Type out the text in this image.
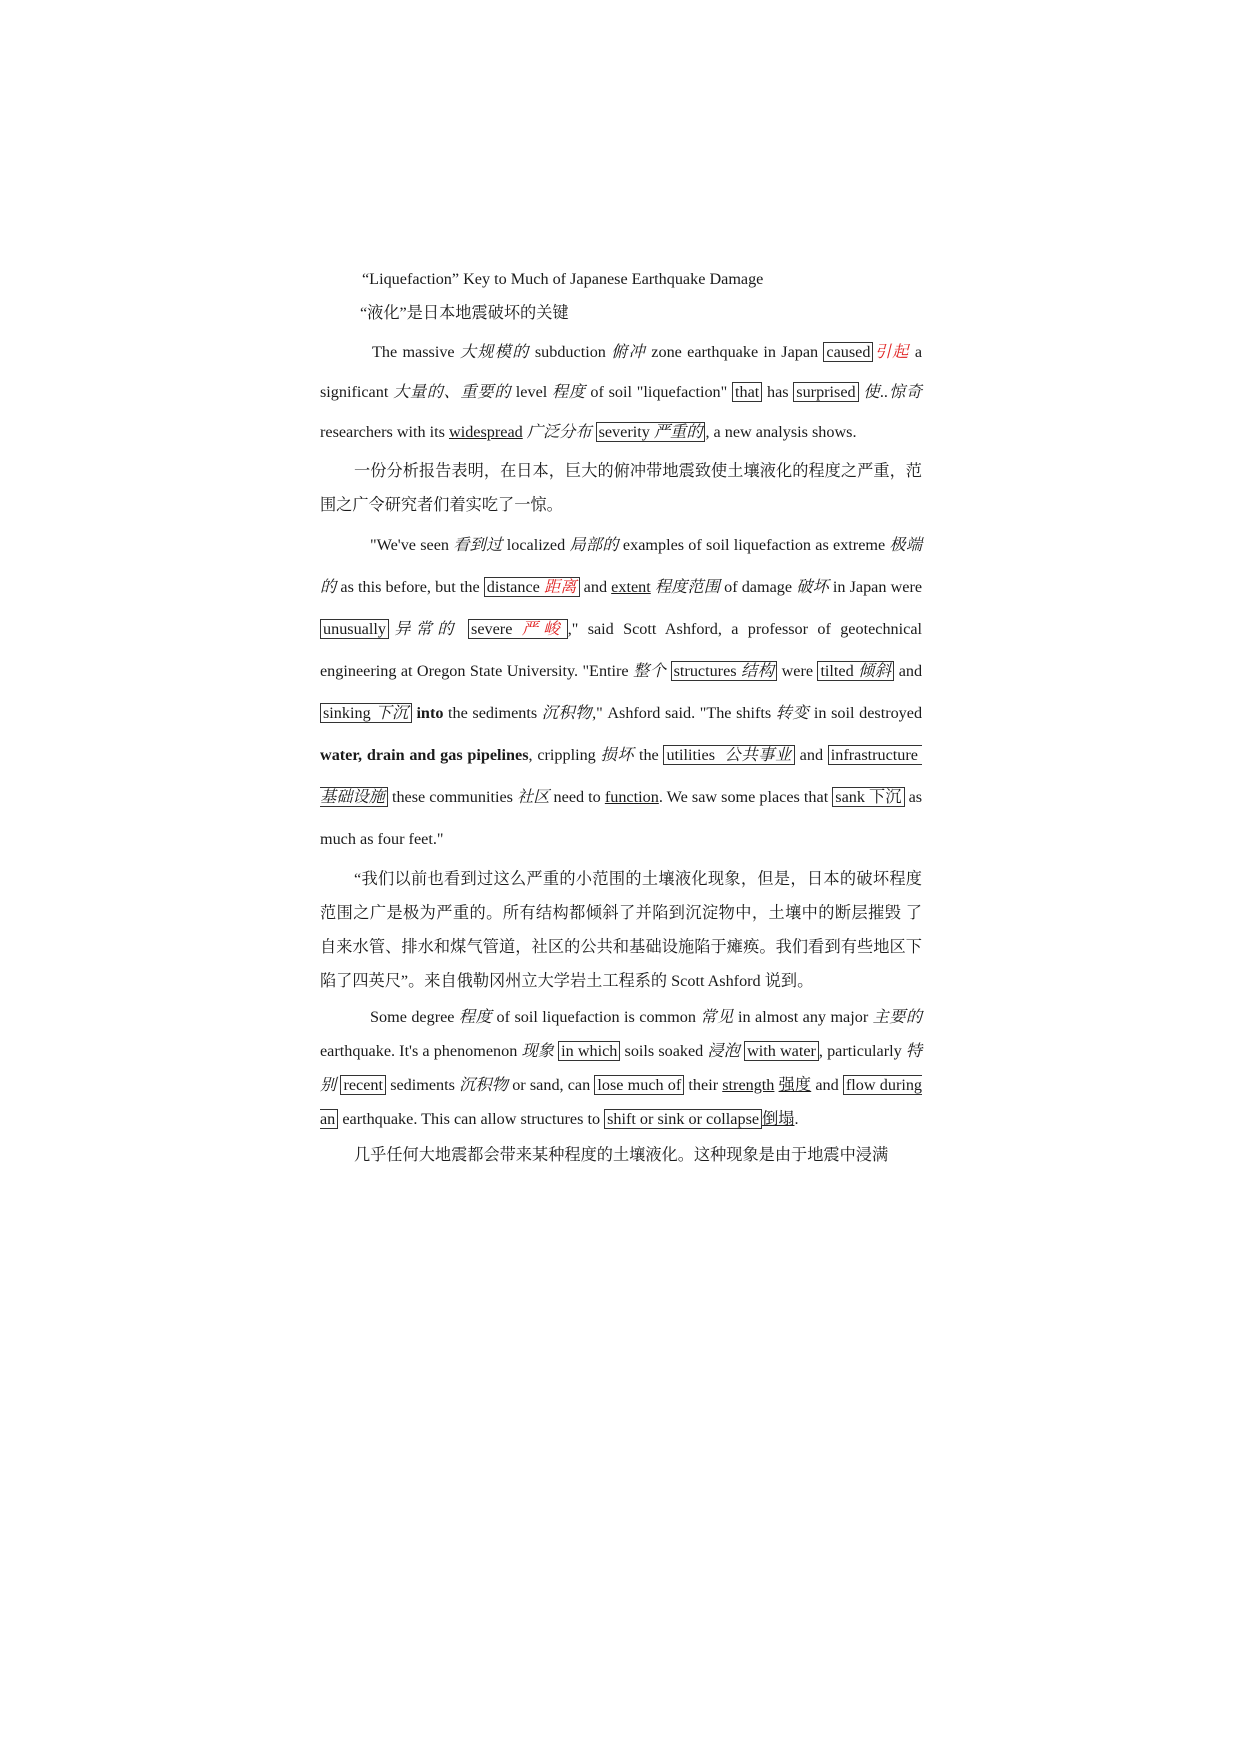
“Liquefaction” Key to Much of Japanese Earthquake Damage
“液化”是日本地震破坏的关键

The massive 大规模的 subduction 俯冲 zone earthquake in Japan caused 引起 a significant 大量的、重要的 level 程度 of soil "liquefaction" that has surprised 使..惊奇 researchers with its widespread 广泛分布 severity 严重的 , a new analysis shows.

一份分析报告表明，在日本，巨大的俯冲带地震致使土壤液化的程度之严重，范围之广令研究者们着实吃了一惊。

"We've seen 看到过 localized 局部的 examples of soil liquefaction as extreme 极端的 as this before, but the distance 距离 and extent 程度范围 of damage 破坏 in Japan were unusually 异常的 severe 严峻 ," said Scott Ashford, a professor of geotechnical engineering at Oregon State University. "Entire 整个 structures 结构 were tilted 倾斜 and sinking 下沉 into the sediments 沉积物," Ashford said. "The shifts 转变 in soil destroyed water, drain and gas pipelines, crippling 损坏 the utilities 公共事业 and infrastructure  基础设施 these communities 社区 need to function. We saw some places that sank 下沉 as much as four feet."

“我们以前也看到过这么严重的小范围的土壤液化现象，但是，日本的破坏程度范围之广是极为严重的。所有结构都倾斜了并陷到沉淀物中，土壤中的断层摧毁 了自来水管、排水和煤气管道，社区的公共和基础设施陷于瘫痪。我们看到有些地区下陷了四英尺”。来自俄勒冈州立大学岩土工程系的 Scott Ashford 说到。

Some degree 程度 of soil liquefaction is common 常见 in almost any major 主要的 earthquake. It's a phenomenon 现象 in which soils soaked 浸泡 with water , particularly 特别 recent sediments 沉积物 or sand, can lose much of their strength 强度 and flow during an earthquake. This can allow structures to shift or sink or collapse 倒塌.

几乎任何大地震都会带来某种程度的土壤液化。这种现象是由于地震中浸满
